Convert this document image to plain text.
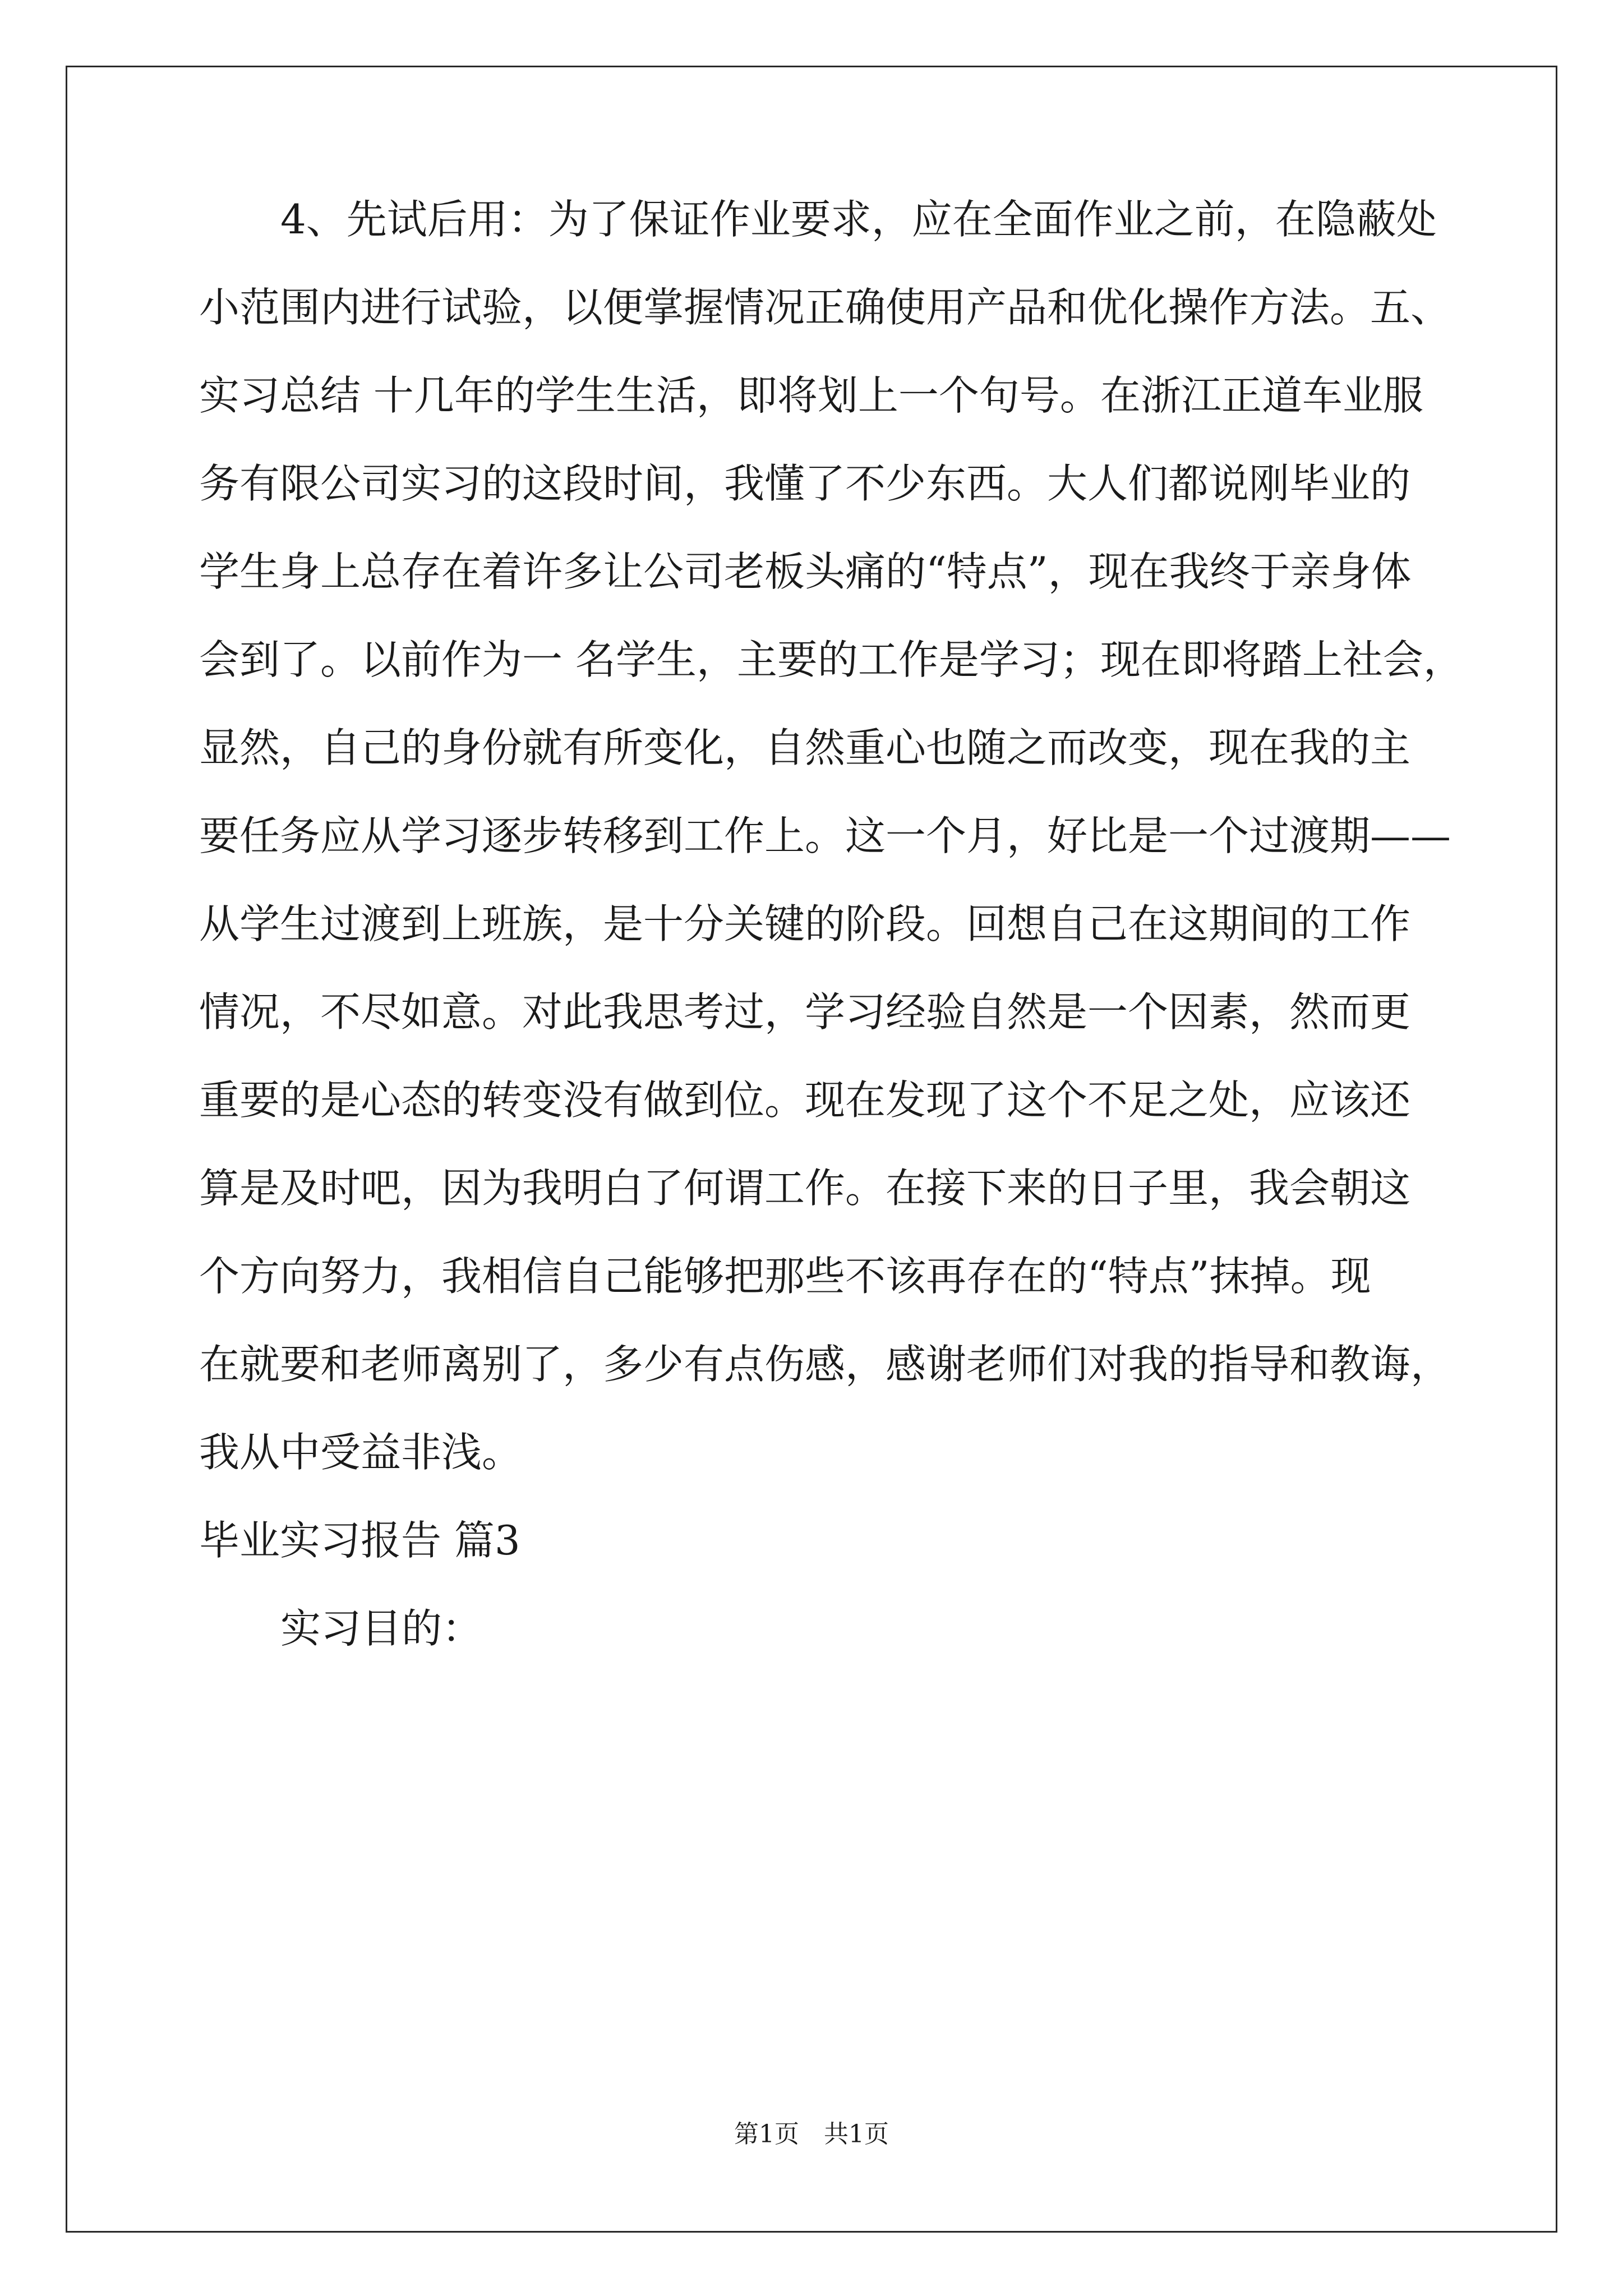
4、先试后用：为了保证作业要求，应在全面作业之前，在隐蔽处
小范围内进行试验，以便掌握情况正确使用产品和优化操作方法。五、
实习总结 十几年的学生生活，即将划上一个句号。在浙江正道车业服
务有限公司实习的这段时间，我懂了不少东西。大人们都说刚毕业的
学生身上总存在着许多让公司老板头痛的“特点”，现在我终于亲身体
会到了。以前作为一 名学生，主要的工作是学习；现在即将踏上社会，
显然，自己的身份就有所变化，自然重心也随之而改变，现在我的主
要任务应从学习逐步转移到工作上。这一个月，好比是一个过渡期——
从学生过渡到上班族，是十分关键的阶段。回想自己在这期间的工作
情况，不尽如意。对此我思考过，学习经验自然是一个因素，然而更
重要的是心态的转变没有做到位。现在发现了这个不足之处，应该还
算是及时吧，因为我明白了何谓工作。在接下来的日子里，我会朝这
个方向努力，我相信自己能够把那些不该再存在的“特点”抹掉。现
在就要和老师离别了，多少有点伤感，感谢老师们对我的指导和教诲，
我从中受益非浅。
毕业实习报告 篇3
实习目的：
第1页　共1页
